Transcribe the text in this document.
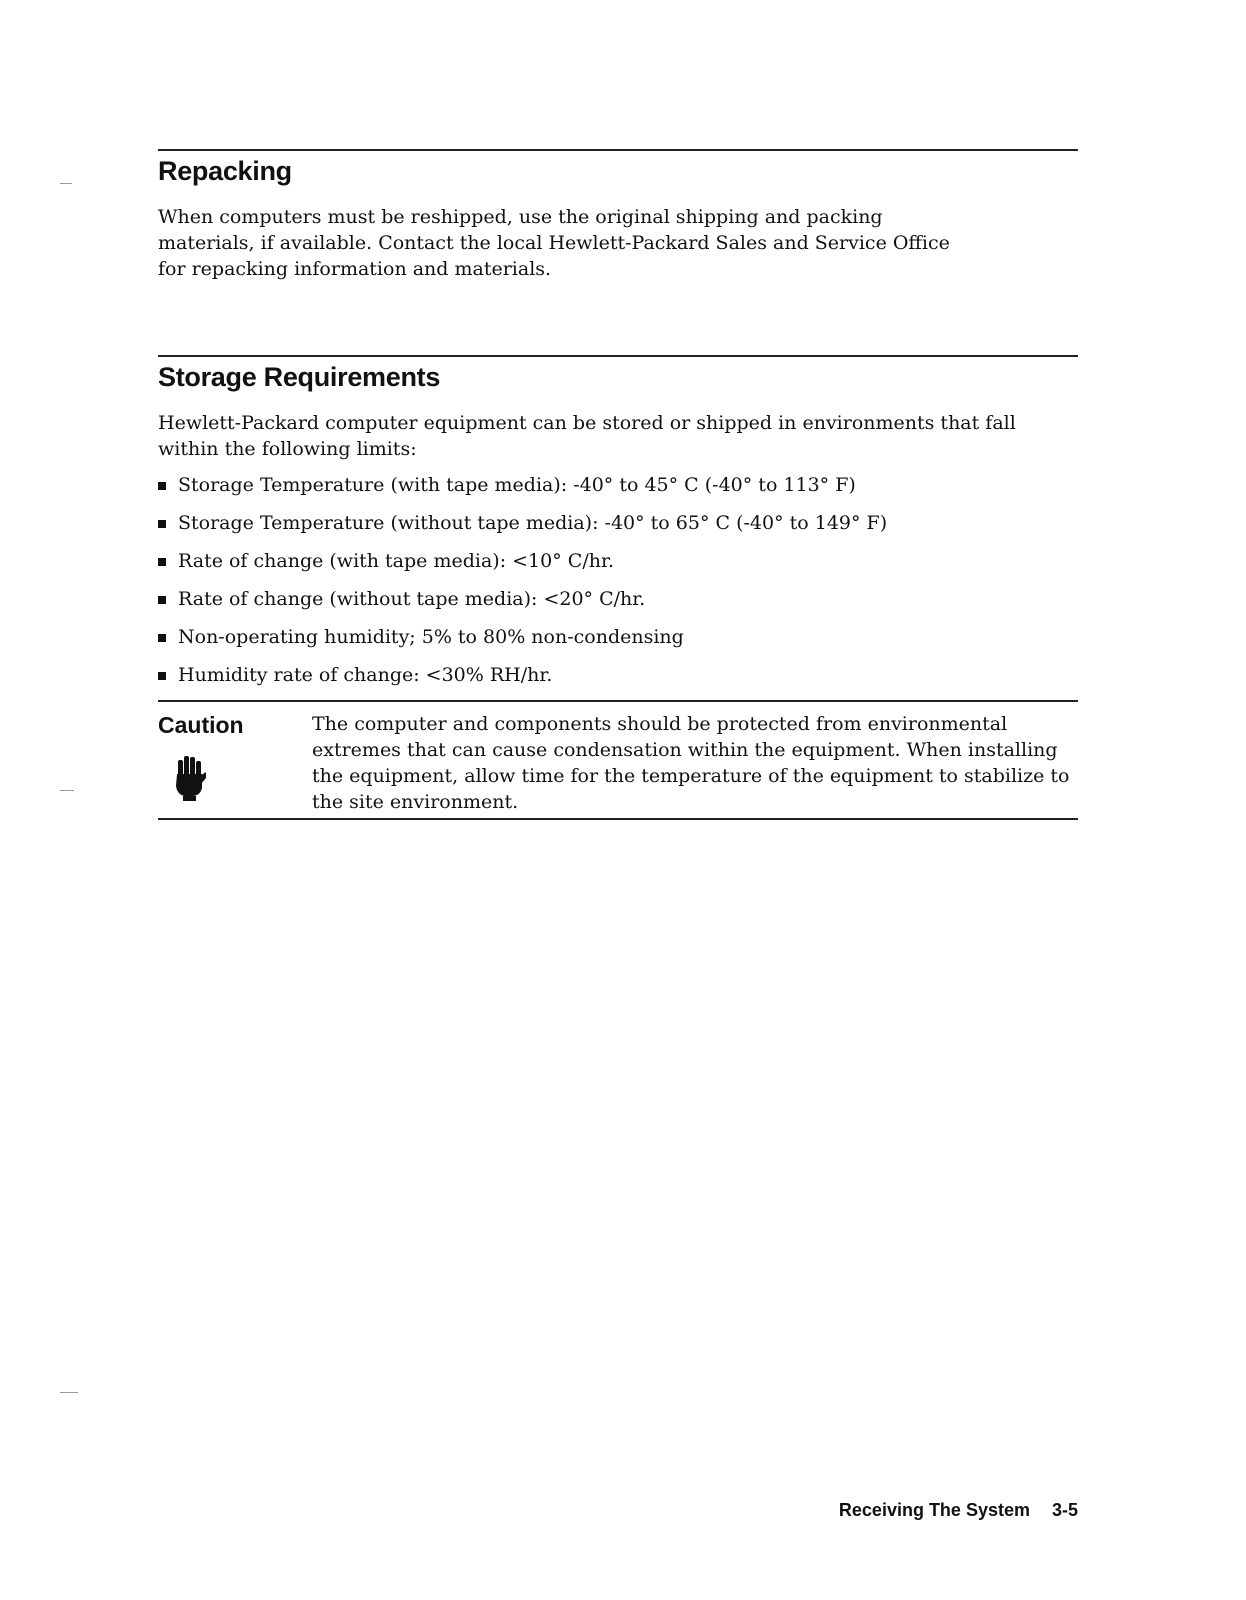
Repacking

When computers must be reshipped, use the original shipping and packing materials, if available. Contact the local Hewlett-Packard Sales and Service Office for repacking information and materials.

Storage Requirements

Hewlett-Packard computer equipment can be stored or shipped in environments that fall within the following limits:

Storage Temperature (with tape media): -40° to 45° C (-40° to 113° F)
Storage Temperature (without tape media): -40° to 65° C (-40° to 149° F)
Rate of change (with tape media): <10° C/hr.
Rate of change (without tape media): <20° C/hr.
Non-operating humidity; 5% to 80% non-condensing
Humidity rate of change: <30% RH/hr.
Caution	The computer and components should be protected from environmental extremes that can cause condensation within the equipment. When installing the equipment, allow time for the temperature of the equipment to stabilize to the site environment.

Receiving The System 3-5
